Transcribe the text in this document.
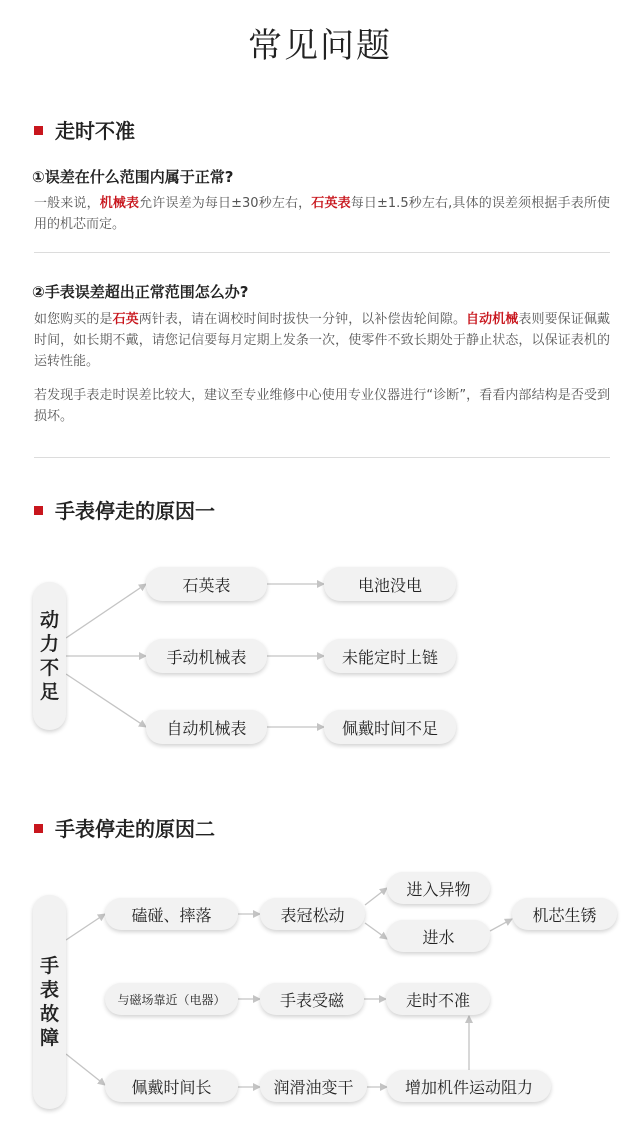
常见问题
走时不准
①误差在什么范围内属于正常?

一般来说，机械表允许误差为每日±30秒左右，石英表每日±1.5秒左右,具体的误差须根据手表所使用的机芯而定。

②手表误差超出正常范围怎么办?

如您购买的是石英两针表，请在调校时间时拔快一分钟，以补偿齿轮间隙。自动机械表则要保证佩戴时间，如长期不戴，请您记信要每月定期上发条一次，使零件不致长期处于静止状态，以保证表机的运转性能。

若发现手表走时误差比较大，建议至专业维修中心使用专业仪器进行“诊断”，看看内部结构是否受到损坏。

手表停走的原因一
动
力
不
足
石英表
手动机械表
自动机械表
电池没电
未能定时上链
佩戴时间不足
手表停走的原因二
手
表
故
障
磕碰、摔落	表冠松动
进入异物
进水
机芯生锈
与磁场靠近（电器）	手表受磁	走时不准
佩戴时间长	润滑油变干	增加机件运动阻力
